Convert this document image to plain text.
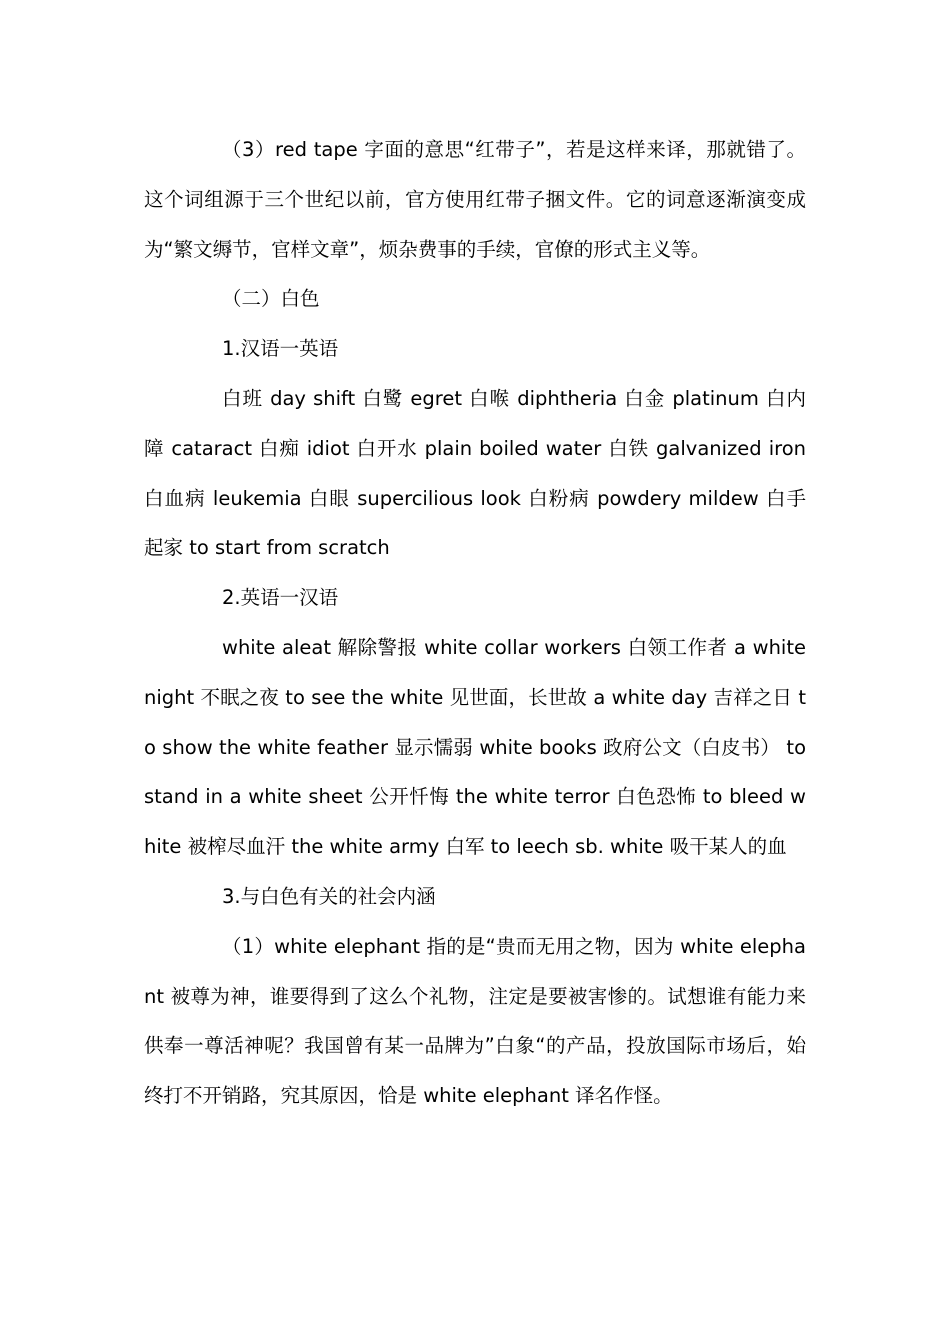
（3）red tape 字面的意思“红带子”，若是这样来译，那就错了。这个词组源于三个世纪以前，官方使用红带子捆文件。它的词意逐渐演变成为“繁文缛节，官样文章”，烦杂费事的手续，官僚的形式主义等。

（二）白色

1.汉语一英语

白班 day shift 白鹭 egret 白喉 diphtheria 白金 platinum 白内障 cataract 白痴 idiot 白开水 plain boiled water 白铁 galvanized iron 白血病 leukemia 白眼 supercilious look 白粉病 powdery mildew 白手起家 to start from scratch

2.英语一汉语

white aleat 解除警报 white collar workers 白领工作者 a white night 不眠之夜 to see the white 见世面，长世故 a white day 吉祥之日 to show the white feather 显示懦弱 white books 政府公文（白皮书） to stand in a white sheet 公开忏悔 the white terror 白色恐怖 to bleed white 被榨尽血汗 the white army 白军 to leech sb. white 吸干某人的血

3.与白色有关的社会内涵

（1）white elephant 指的是“贵而无用之物，因为 white elephant 被尊为神，谁要得到了这么个礼物，注定是要被害惨的。试想谁有能力来供奉一尊活神呢？我国曾有某一品牌为”白象“的产品，投放国际市场后，始终打不开销路，究其原因，恰是 white elephant 译名作怪。
